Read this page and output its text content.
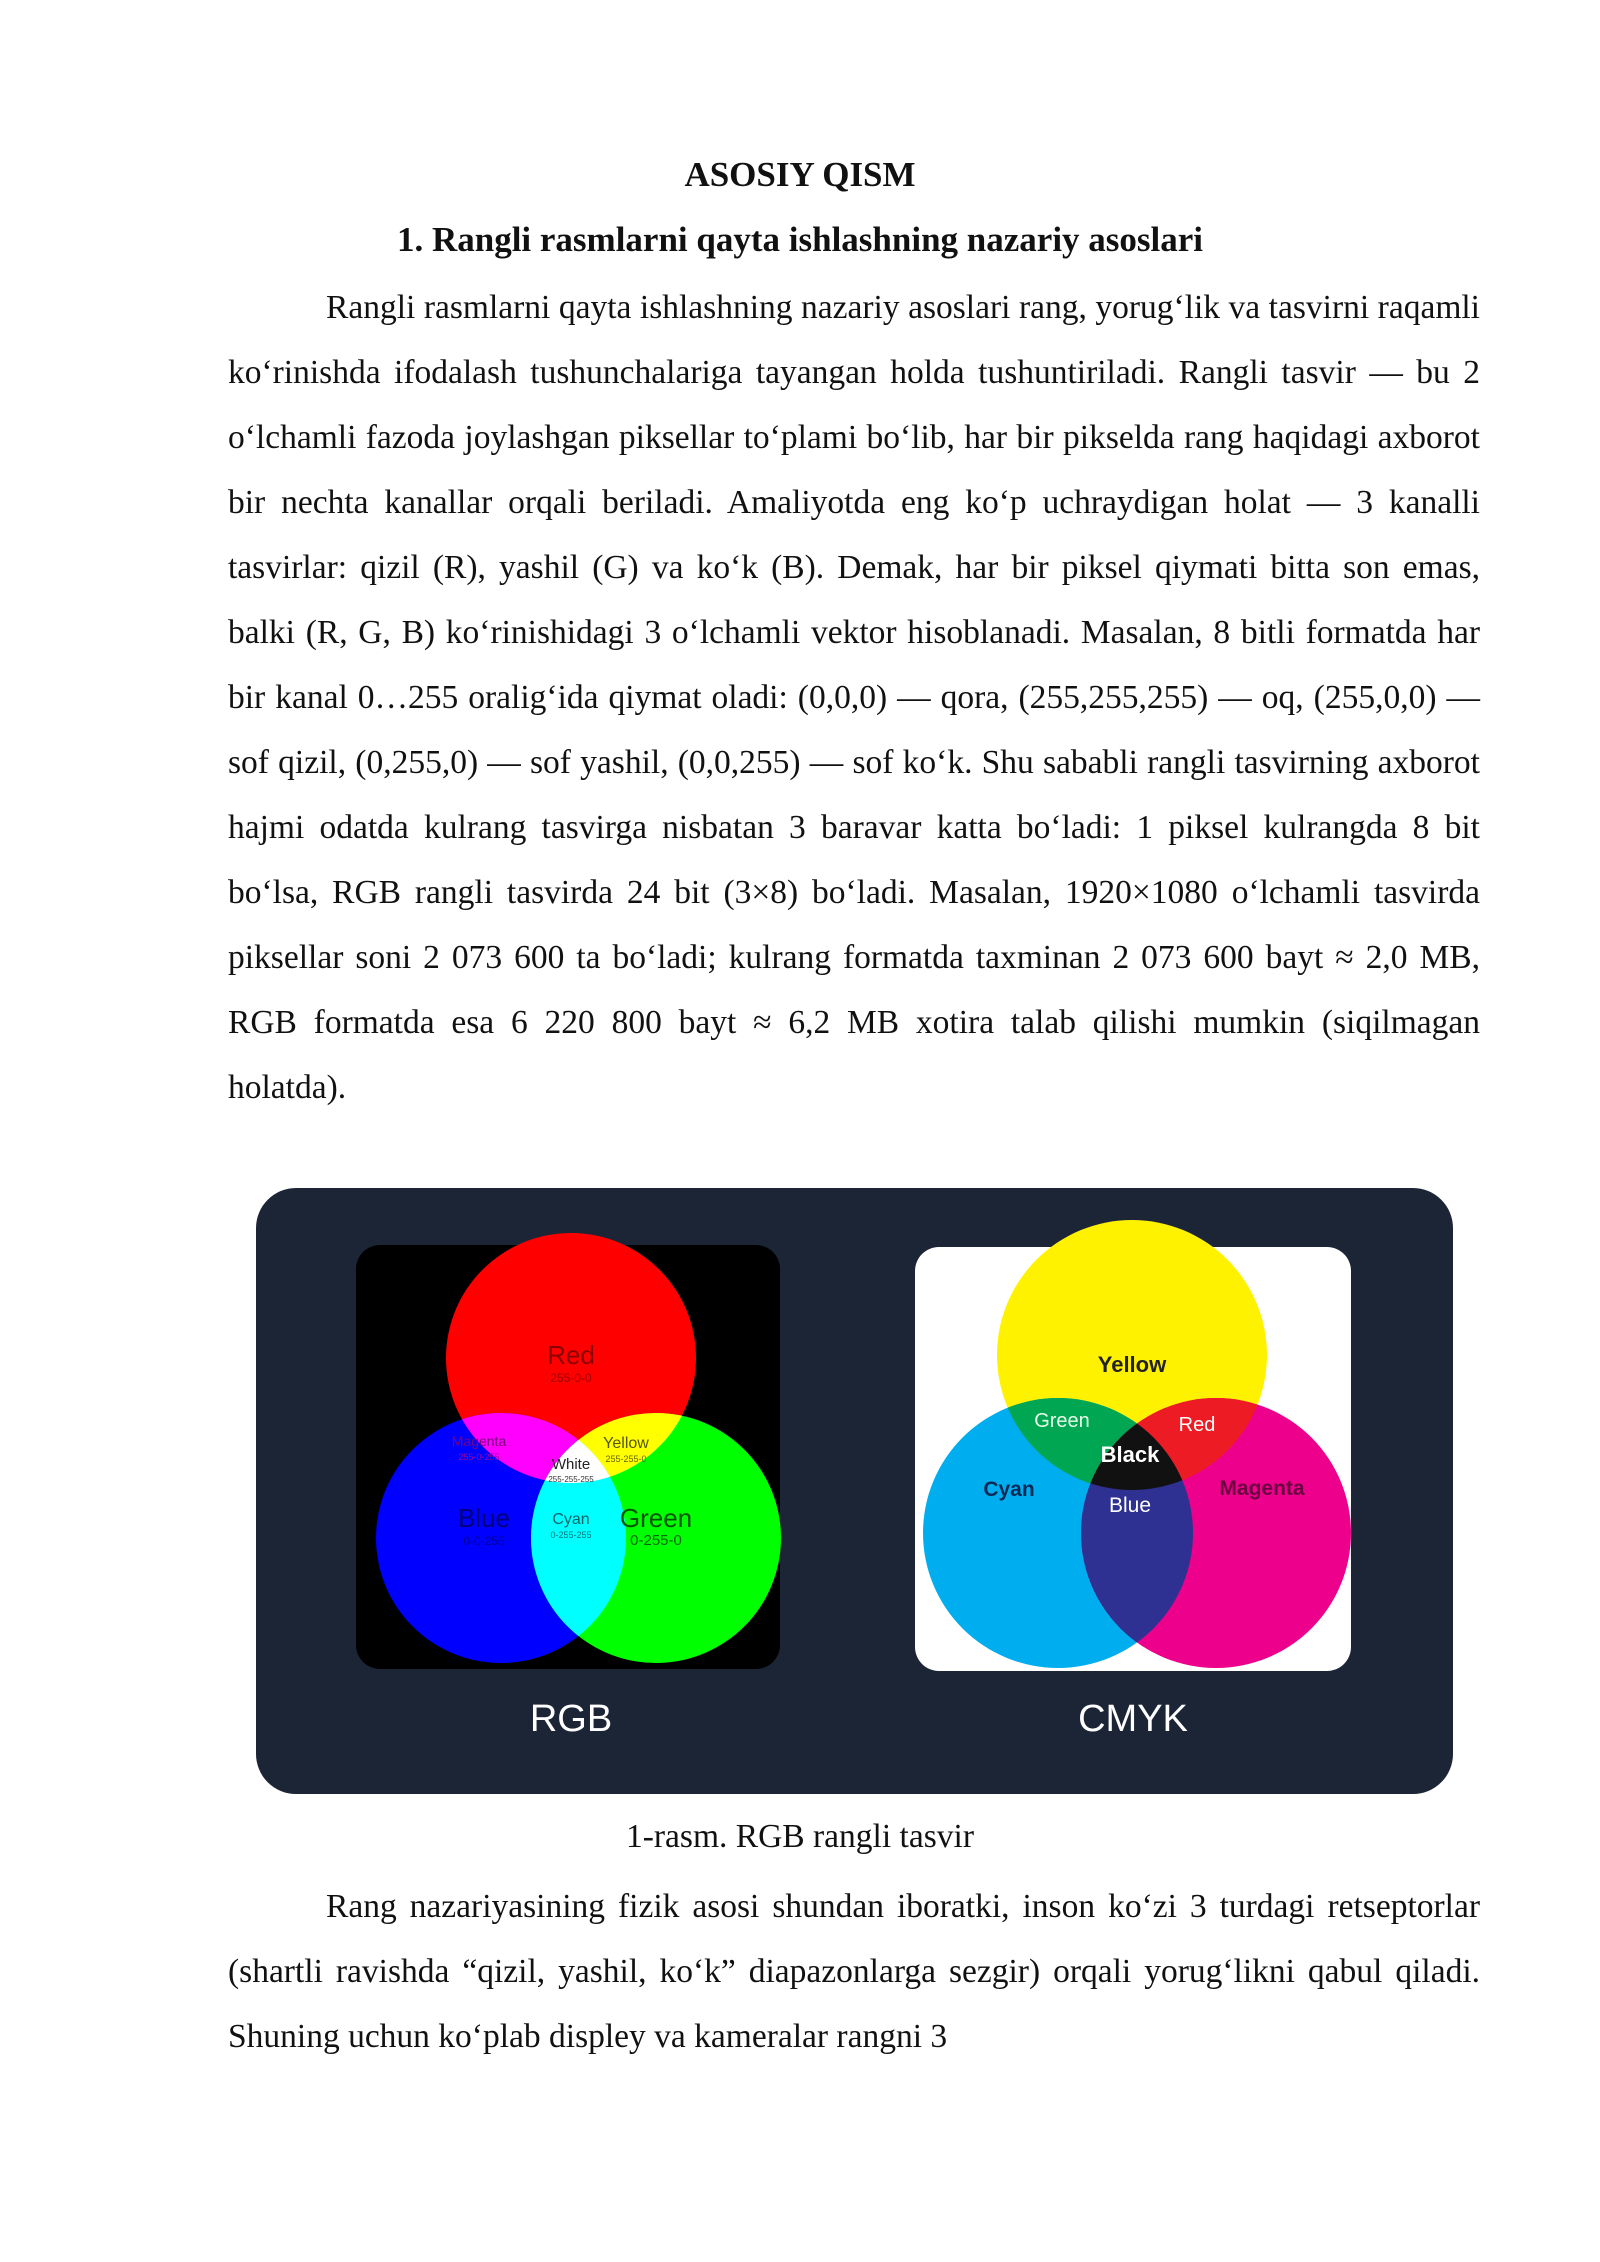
ASOSIY QISM
1. Rangli rasmlarni qayta ishlashning nazariy asoslari

Rangli rasmlarni qayta ishlashning nazariy asoslari rang, yorug‘lik va tasvirni raqamli ko‘rinishda ifodalash tushunchalariga tayangan holda tushuntiriladi. Rangli tasvir — bu 2 o‘lchamli fazoda joylashgan piksellar to‘plami bo‘lib, har bir pikselda rang haqidagi axborot bir nechta kanallar orqali beriladi. Amaliyotda eng ko‘p uchraydigan holat — 3 kanalli tasvirlar: qizil (R), yashil (G) va ko‘k (B). Demak, har bir piksel qiymati bitta son emas, balki (R, G, B) ko‘rinishidagi 3 o‘lchamli vektor hisoblanadi. Masalan, 8 bitli formatda har bir kanal 0…255 oralig‘ida qiymat oladi: (0,0,0) — qora, (255,255,255) — oq, (255,0,0) — sof qizil, (0,255,0) — sof yashil, (0,0,255) — sof ko‘k. Shu sababli rangli tasvirning axborot hajmi odatda kulrang tasvirga nisbatan 3 baravar katta bo‘ladi: 1 piksel kulrangda 8 bit bo‘lsa, RGB rangli tasvirda 24 bit (3×8) bo‘ladi. Masalan, 1920×1080 o‘lchamli tasvirda piksellar soni 2 073 600 ta bo‘ladi; kulrang formatda taxminan 2 073 600 bayt ≈ 2,0 MB, RGB formatda esa 6 220 800 bayt ≈ 6,2 MB xotira talab qilishi mumkin (siqilmagan holatda).

Red
255-0-0
Magenta
255-0-255
Yellow
255-255-0
White
255-255-255
Blue
0-0-255
Cyan
0-255-255
Green
0-255-0
RGB
Yellow
Green	Red
Black
Cyan	Magenta
Blue
CMYK
1-rasm. RGB rangli tasvir

Rang nazariyasining fizik asosi shundan iboratki, inson ko‘zi 3 turdagi retseptorlar (shartli ravishda “qizil, yashil, ko‘k” diapazonlarga sezgir) orqali yorug‘likni qabul qiladi. Shuning uchun ko‘plab displey va kameralar rangni 3
